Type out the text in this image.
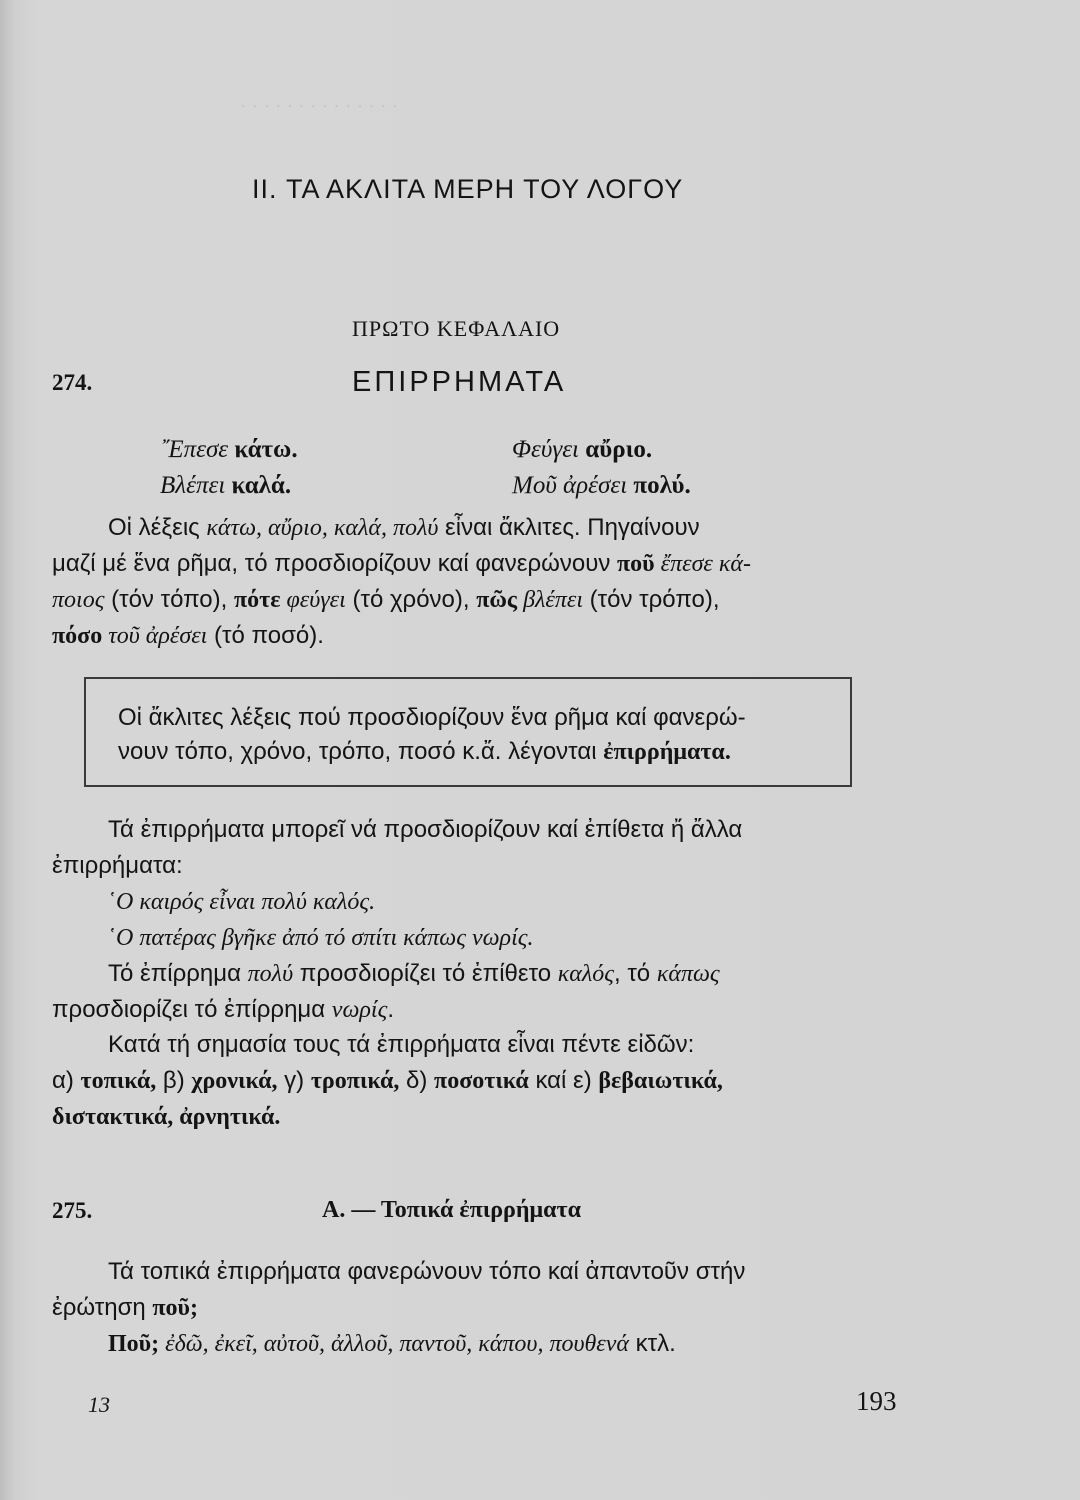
· · · · · · · · · · · · · ·
II. ΤΑ ΑΚΛΙΤΑ ΜΕΡΗ ΤΟΥ ΛΟΓΟΥ
ΠΡΩΤΟ ΚΕΦΑΛΑΙΟ
274.	ΕΠΙΡΡΗΜΑΤΑ
῎Επεσε κάτω.	Φεύγει αὔριο.
Βλέπει καλά.	Μοῦ ἀρέσει πολύ.
Οἱ λέξεις κάτω, αὔριο, καλά, πολύ εἶναι ἄκλιτες. Πηγαίνουν
μαζί μέ ἕνα ρῆμα, τό προσδιορίζουν καί φανερώνουν ποῦ ἔπεσε κά-
ποιος (τόν τόπο), πότε φεύγει (τό χρόνο), πῶς βλέπει (τόν τρόπο),
πόσο τοῦ ἀρέσει (τό ποσό).
Οἱ ἄκλιτες λέξεις πού προσδιορίζουν ἕνα ρῆμα καί φανερώ-
νουν τόπο, χρόνο, τρόπο, ποσό κ.ἄ. λέγονται ἐπιρρήματα.
Τά ἐπιρρήματα μπορεῖ νά προσδιορίζουν καί ἐπίθετα ἤ ἄλλα
ἐπιρρήματα:
῾Ο καιρός εἶναι πολύ καλός.
῾Ο πατέρας βγῆκε ἀπό τό σπίτι κάπως νωρίς.
Τό ἐπίρρημα πολύ προσδιορίζει τό ἐπίθετο καλός, τό κάπως
προσδιορίζει τό ἐπίρρημα νωρίς.
Κατά τή σημασία τους τά ἐπιρρήματα εἶναι πέντε εἰδῶν:
α) τοπικά, β) χρονικά, γ) τροπικά, δ) ποσοτικά καί ε) βεβαιωτικά,
διστακτικά, ἀρνητικά.
275.	Α. — Τοπικά ἐπιρρήματα
Τά τοπικά ἐπιρρήματα φανερώνουν τόπο καί ἀπαντοῦν στήν
ἐρώτηση ποῦ;
Ποῦ; ἐδῶ, ἐκεῖ, αὐτοῦ, ἀλλοῦ, παντοῦ, κάπου, πουθενά κτλ.
13	193
